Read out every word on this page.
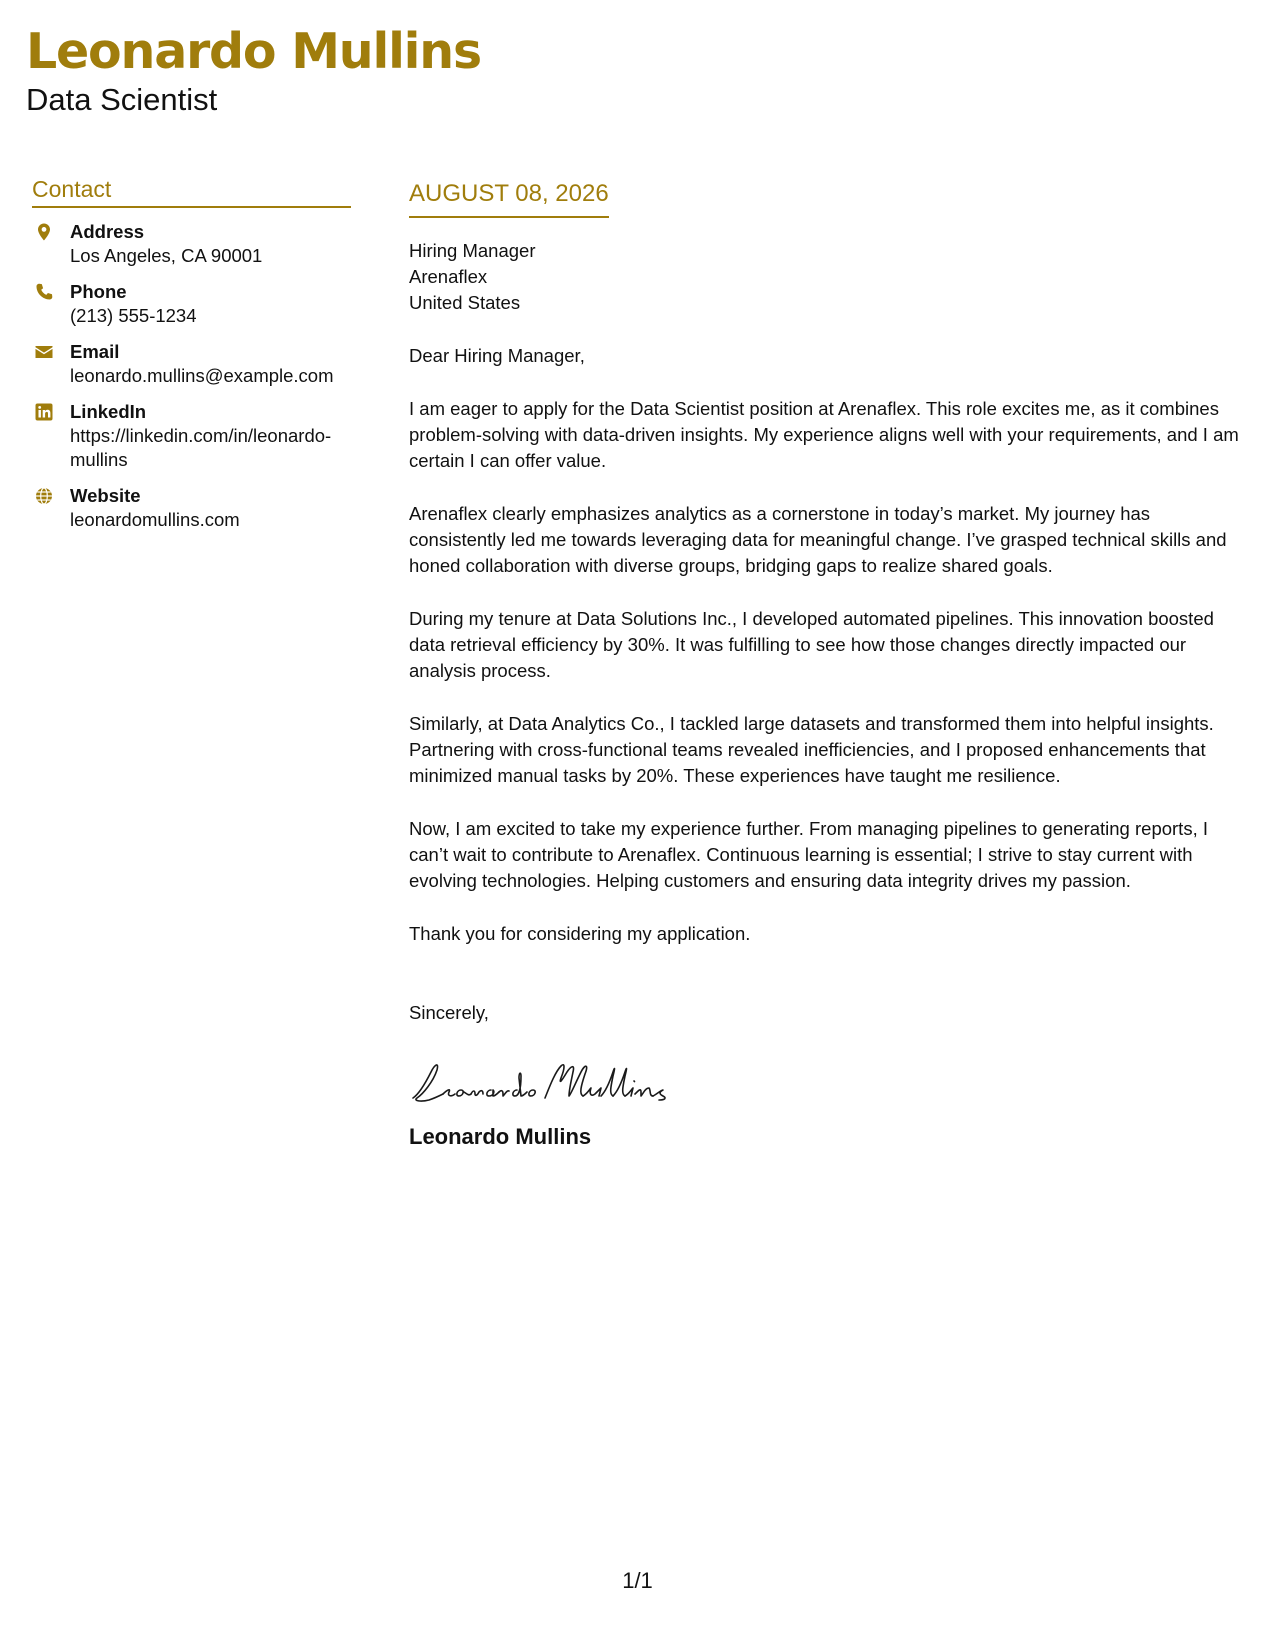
Leonardo Mullins
Data Scientist
Contact
Address
Los Angeles, CA 90001
Phone
(213) 555-1234
Email
leonardo.mullins@example.com
LinkedIn
https://linkedin.com/in/leonardo-mullins
Website
leonardomullins.com
AUGUST 08, 2026
Hiring Manager
Arenaflex
United States
Dear Hiring Manager,
I am eager to apply for the Data Scientist position at Arenaflex. This role excites me, as it combines problem-solving with data-driven insights. My experience aligns well with your requirements, and I am certain I can offer value.
Arenaflex clearly emphasizes analytics as a cornerstone in today’s market. My journey has consistently led me towards leveraging data for meaningful change. I’ve grasped technical skills and honed collaboration with diverse groups, bridging gaps to realize shared goals.
During my tenure at Data Solutions Inc., I developed automated pipelines. This innovation boosted data retrieval efficiency by 30%. It was fulfilling to see how those changes directly impacted our analysis process.
Similarly, at Data Analytics Co., I tackled large datasets and transformed them into helpful insights. Partnering with cross-functional teams revealed inefficiencies, and I proposed enhancements that minimized manual tasks by 20%. These experiences have taught me resilience.
Now, I am excited to take my experience further. From managing pipelines to generating reports, I can’t wait to contribute to Arenaflex. Continuous learning is essential; I strive to stay current with evolving technologies. Helping customers and ensuring data integrity drives my passion.
Thank you for considering my application.
Sincerely,
Leonardo Mullins
1/1
